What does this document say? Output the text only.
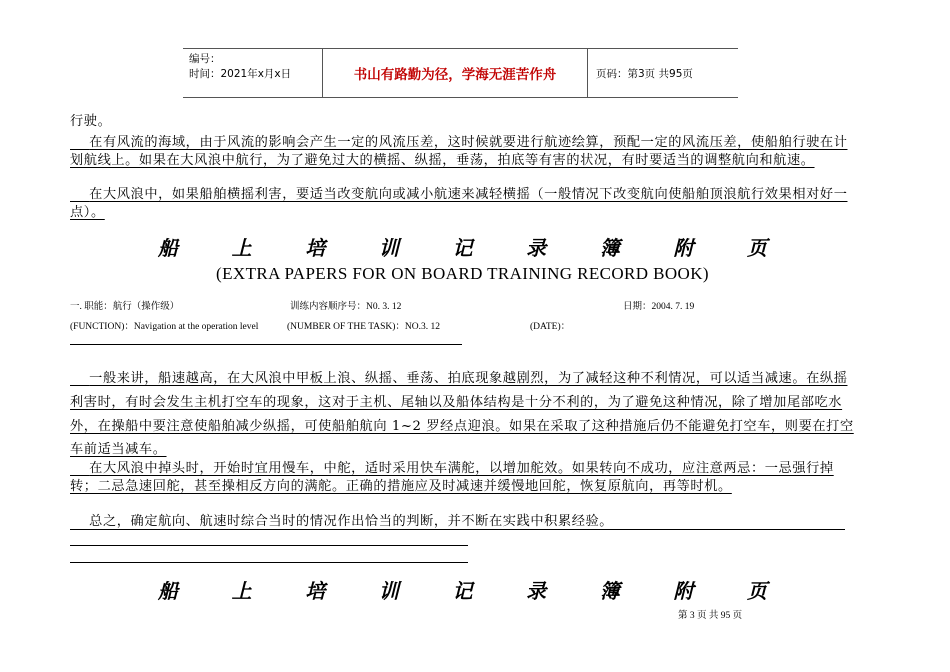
编号：
时间：2021年x月x日	书山有路勤为径，学海无涯苦作舟	页码：第3页 共95页
行驶。
在有风流的海域，由于风流的影响会产生一定的风流压差，这时候就要进行航迹绘算，预配一定的风流压差，使船舶行驶在计划航线上。如果在大风浪中航行，为了避免过大的横摇、纵摇，垂荡，拍底等有害的状况，有时要适当的调整航向和航速。
在大风浪中，如果船舶横摇利害，要适当改变航向或减小航速来减轻横摇（一般情况下改变航向使船舶顶浪航行效果相对好一点）。
船	上	培	训	记	录	簿	附	页
(EXTRA PAPERS FOR ON BOARD TRAINING RECORD BOOK)
一. 职能：航行（操作级）	训练内容顺序号：N0. 3. 12	日期：2004. 7. 19
(FUNCTION)：Navigation at the operation level	(NUMBER OF THE TASK)：NO.3. 12	(DATE)：
一般来讲，船速越高，在大风浪中甲板上浪、纵摇、垂荡、拍底现象越剧烈，为了减轻这种不利情况，可以适当减速。在纵摇利害时，有时会发生主机打空车的现象，这对于主机、尾轴以及船体结构是十分不利的，为了避免这种情况，除了增加尾部吃水外，在操船中要注意使船舶减少纵摇，可使船舶航向 1~2 罗经点迎浪。如果在采取了这种措施后仍不能避免打空车，则要在打空车前适当减车。
在大风浪中掉头时，开始时宜用慢车，中舵，适时采用快车满舵，以增加舵效。如果转向不成功，应注意两忌：一忌强行掉转；二忌急速回舵，甚至操相反方向的满舵。正确的措施应及时减速并缓慢地回舵，恢复原航向，再等时机。
总之，确定航向、航速时综合当时的情况作出恰当的判断，并不断在实践中积累经验。
船	上	培	训	记	录	簿	附	页
第 3 页 共 95 页
